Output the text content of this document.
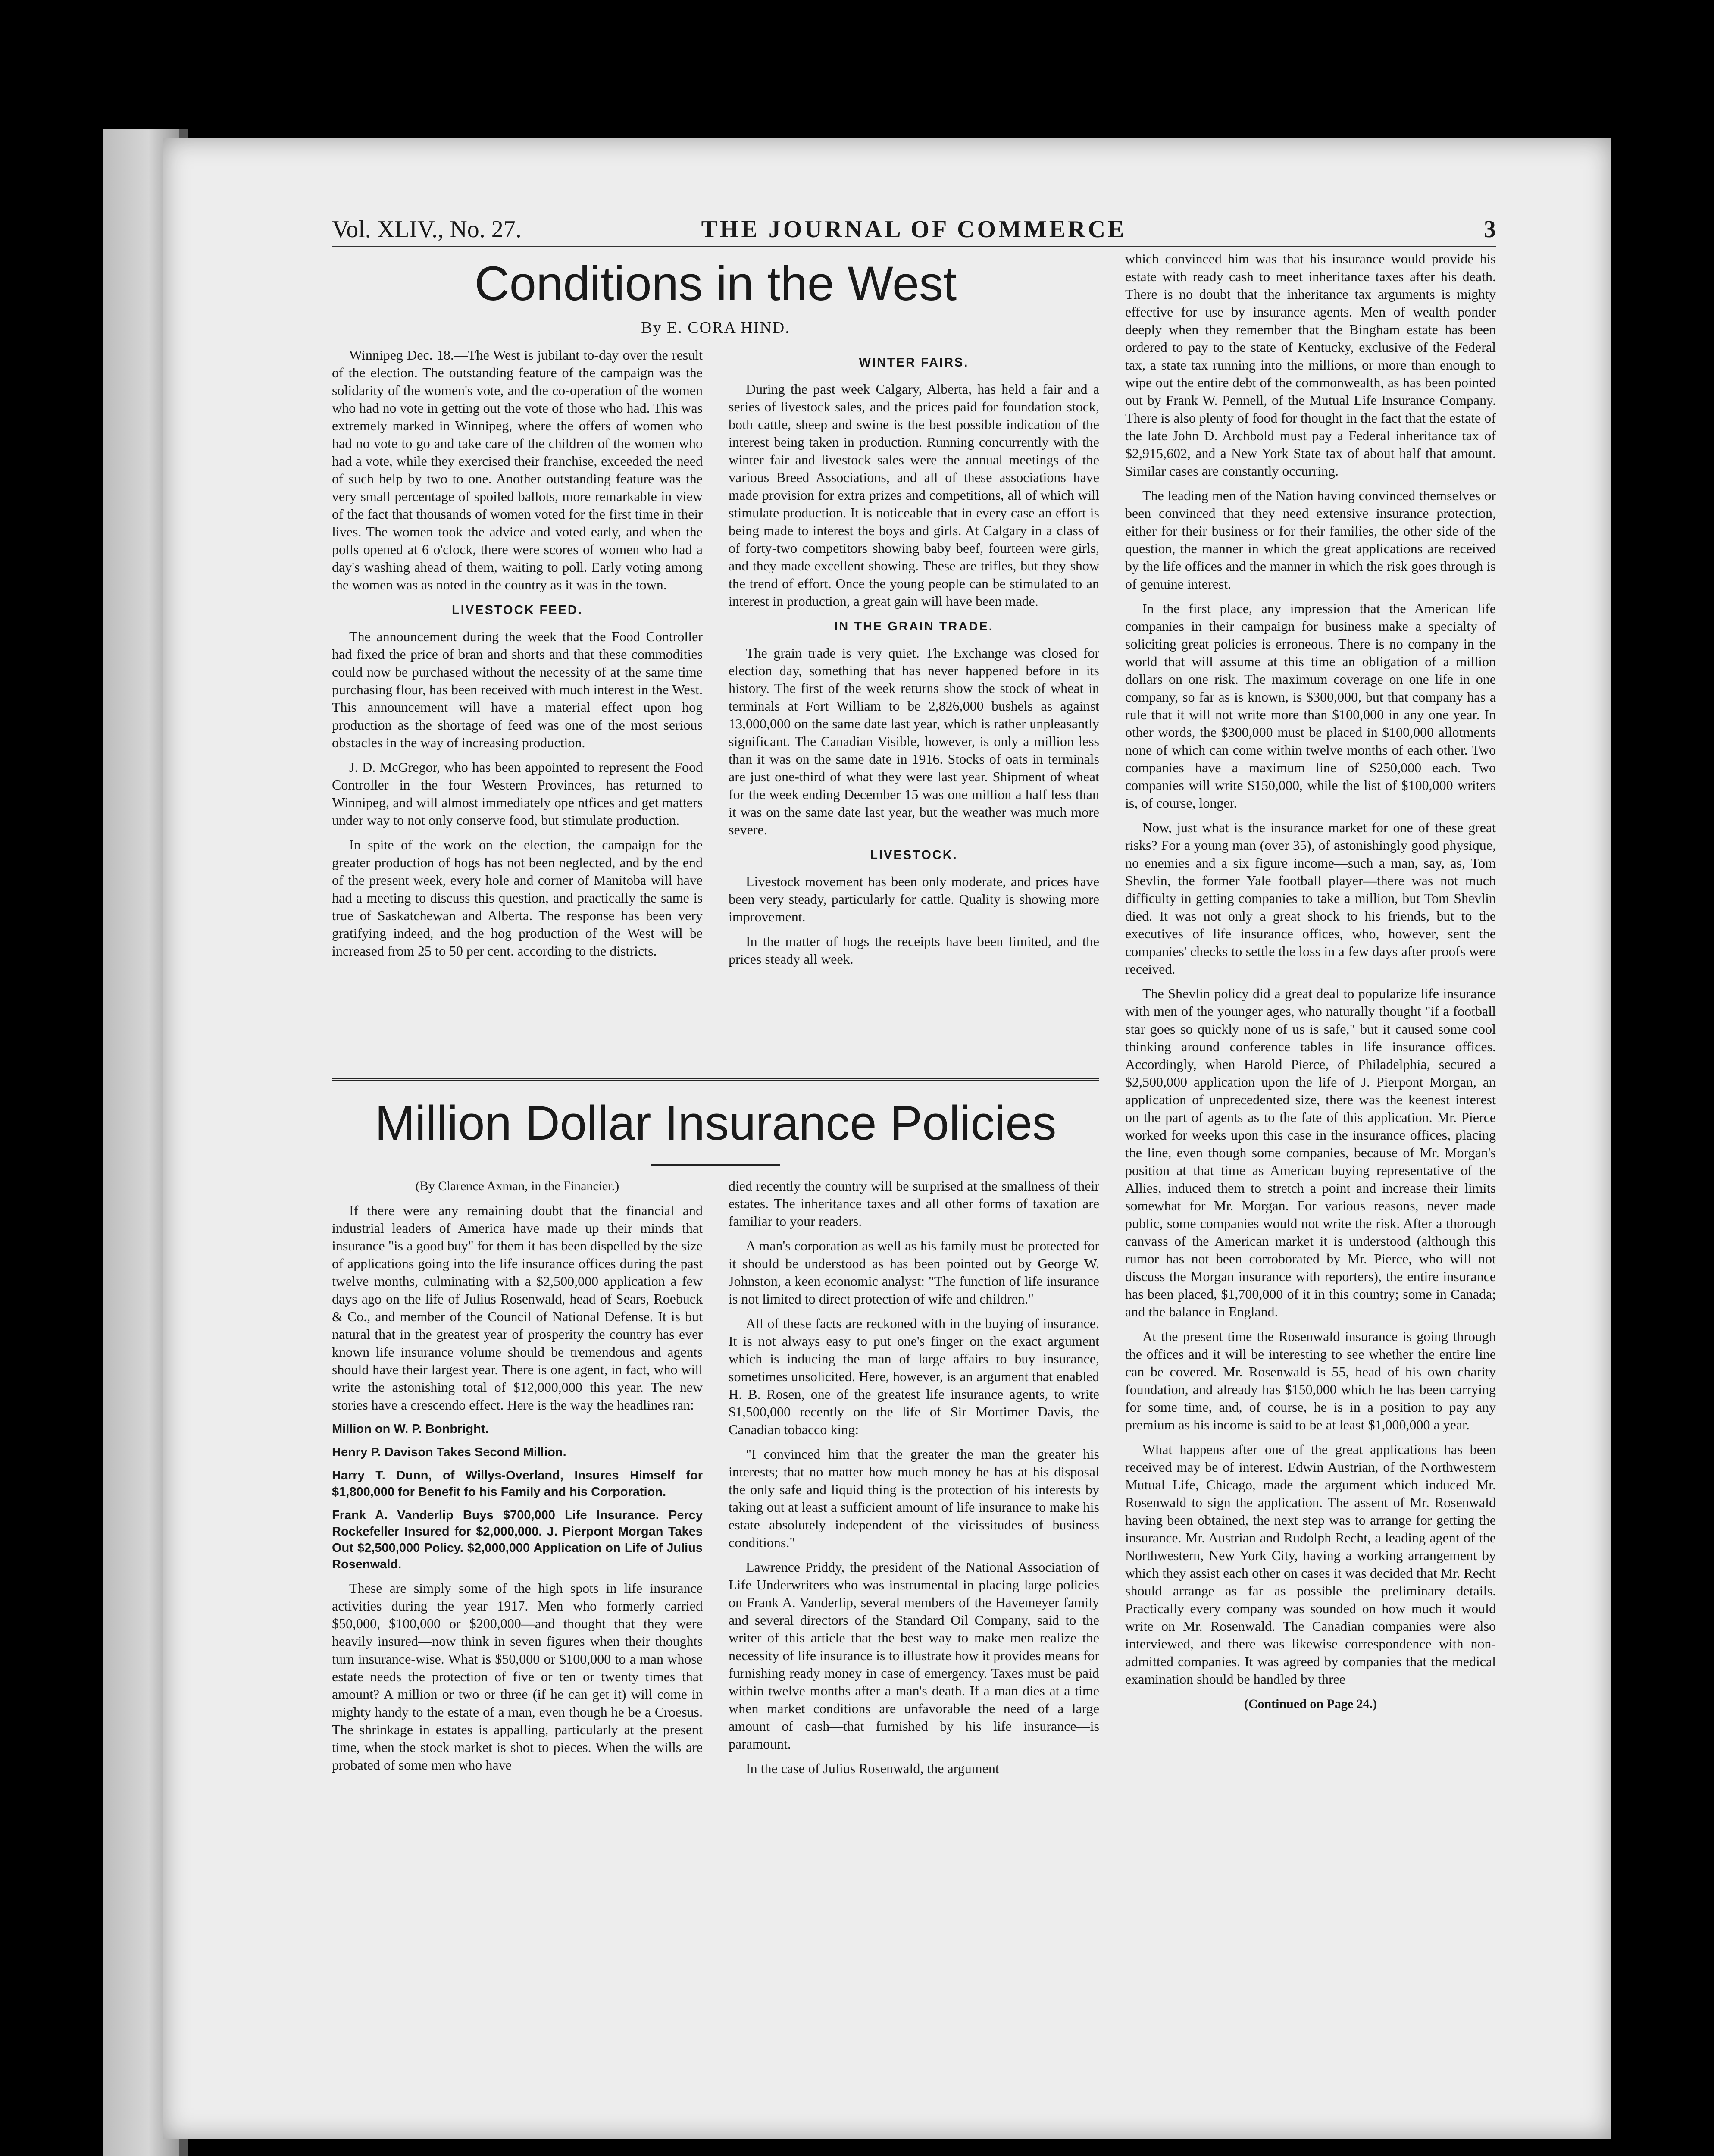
Vol. XLIV., No. 27.	THE JOURNAL OF COMMERCE	3
Conditions in the West
By E. CORA HIND.

Winnipeg Dec. 18.—The West is jubilant to-day over the result of the election. The outstanding feature of the campaign was the solidarity of the women's vote, and the co-operation of the women who had no vote in getting out the vote of those who had. This was extremely marked in Winnipeg, where the offers of women who had no vote to go and take care of the children of the women who had a vote, while they exercised their franchise, exceeded the need of such help by two to one. Another outstanding feature was the very small percentage of spoiled ballots, more remarkable in view of the fact that thousands of women voted for the first time in their lives. The women took the advice and voted early, and when the polls opened at 6 o'clock, there were scores of women who had a day's washing ahead of them, waiting to poll. Early voting among the women was as noted in the country as it was in the town.

LIVESTOCK FEED.

The announcement during the week that the Food Controller had fixed the price of bran and shorts and that these commodities could now be purchased without the necessity of at the same time purchasing flour, has been received with much interest in the West. This announcement will have a material effect upon hog production as the shortage of feed was one of the most serious obstacles in the way of increasing production.

J. D. McGregor, who has been appointed to represent the Food Controller in the four Western Provinces, has returned to Winnipeg, and will almost immediately ope ntfices and get matters under way to not only conserve food, but stimulate production.

In spite of the work on the election, the campaign for the greater production of hogs has not been neglected, and by the end of the present week, every hole and corner of Manitoba will have had a meeting to discuss this question, and practically the same is true of Saskatchewan and Alberta. The response has been very gratifying indeed, and the hog production of the West will be increased from 25 to 50 per cent. according to the districts.

WINTER FAIRS.

During the past week Calgary, Alberta, has held a fair and a series of livestock sales, and the prices paid for foundation stock, both cattle, sheep and swine is the best possible indication of the interest being taken in production. Running concurrently with the winter fair and livestock sales were the annual meetings of the various Breed Associations, and all of these associations have made provision for extra prizes and competitions, all of which will stimulate production. It is noticeable that in every case an effort is being made to interest the boys and girls. At Calgary in a class of of forty-two competitors showing baby beef, fourteen were girls, and they made excellent showing. These are trifles, but they show the trend of effort. Once the young people can be stimulated to an interest in production, a great gain will have been made.

IN THE GRAIN TRADE.

The grain trade is very quiet. The Exchange was closed for election day, something that has never happened before in its history. The first of the week returns show the stock of wheat in terminals at Fort William to be 2,826,000 bushels as against 13,000,000 on the same date last year, which is rather unpleasantly significant. The Canadian Visible, however, is only a million less than it was on the same date in 1916. Stocks of oats in terminals are just one-third of what they were last year. Shipment of wheat for the week ending December 15 was one million a half less than it was on the same date last year, but the weather was much more severe.

LIVESTOCK.

Livestock movement has been only moderate, and prices have been very steady, particularly for cattle. Quality is showing more improvement.

In the matter of hogs the receipts have been limited, and the prices steady all week.

which convinced him was that his insurance would provide his estate with ready cash to meet inheritance taxes after his death. There is no doubt that the inheritance tax arguments is mighty effective for use by insurance agents. Men of wealth ponder deeply when they remember that the Bingham estate has been ordered to pay to the state of Kentucky, exclusive of the Federal tax, a state tax running into the millions, or more than enough to wipe out the entire debt of the commonwealth, as has been pointed out by Frank W. Pennell, of the Mutual Life Insurance Company. There is also plenty of food for thought in the fact that the estate of the late John D. Archbold must pay a Federal inheritance tax of $2,915,602, and a New York State tax of about half that amount. Similar cases are constantly occurring.

The leading men of the Nation having convinced themselves or been convinced that they need extensive insurance protection, either for their business or for their families, the other side of the question, the manner in which the great applications are received by the life offices and the manner in which the risk goes through is of genuine interest.

In the first place, any impression that the American life companies in their campaign for business make a specialty of soliciting great policies is erroneous. There is no company in the world that will assume at this time an obligation of a million dollars on one risk. The maximum coverage on one life in one company, so far as is known, is $300,000, but that company has a rule that it will not write more than $100,000 in any one year. In other words, the $300,000 must be placed in $100,000 allotments none of which can come within twelve months of each other. Two companies have a maximum line of $250,000 each. Two companies will write $150,000, while the list of $100,000 writers is, of course, longer.

Now, just what is the insurance market for one of these great risks? For a young man (over 35), of astonishingly good physique, no enemies and a six figure income—such a man, say, as, Tom Shevlin, the former Yale football player—there was not much difficulty in getting companies to take a million, but Tom Shevlin died. It was not only a great shock to his friends, but to the executives of life insurance offices, who, however, sent the companies' checks to settle the loss in a few days after proofs were received.

The Shevlin policy did a great deal to popularize life insurance with men of the younger ages, who naturally thought "if a football star goes so quickly none of us is safe," but it caused some cool thinking around conference tables in life insurance offices. Accordingly, when Harold Pierce, of Philadelphia, secured a $2,500,000 application upon the life of J. Pierpont Morgan, an application of unprecedented size, there was the keenest interest on the part of agents as to the fate of this application. Mr. Pierce worked for weeks upon this case in the insurance offices, placing the line, even though some companies, because of Mr. Morgan's position at that time as American buying representative of the Allies, induced them to stretch a point and increase their limits somewhat for Mr. Morgan. For various reasons, never made public, some companies would not write the risk. After a thorough canvass of the American market it is understood (although this rumor has not been corroborated by Mr. Pierce, who will not discuss the Morgan insurance with reporters), the entire insurance has been placed, $1,700,000 of it in this country; some in Canada; and the balance in England.

At the present time the Rosenwald insurance is going through the offices and it will be interesting to see whether the entire line can be covered. Mr. Rosenwald is 55, head of his own charity foundation, and already has $150,000 which he has been carrying for some time, and, of course, he is in a position to pay any premium as his income is said to be at least $1,000,000 a year.

What happens after one of the great applications has been received may be of interest. Edwin Austrian, of the Northwestern Mutual Life, Chicago, made the argument which induced Mr. Rosenwald to sign the application. The assent of Mr. Rosenwald having been obtained, the next step was to arrange for getting the insurance. Mr. Austrian and Rudolph Recht, a leading agent of the Northwestern, New York City, having a working arrangement by which they assist each other on cases it was decided that Mr. Recht should arrange as far as possible the preliminary details. Practically every company was sounded on how much it would write on Mr. Rosenwald. The Canadian companies were also interviewed, and there was likewise correspondence with non-admitted companies. It was agreed by companies that the medical examination should be handled by three

(Continued on Page 24.)

Million Dollar Insurance Policies

(By Clarence Axman, in the Financier.)

If there were any remaining doubt that the financial and industrial leaders of America have made up their minds that insurance "is a good buy" for them it has been dispelled by the size of applications going into the life insurance offices during the past twelve months, culminating with a $2,500,000 application a few days ago on the life of Julius Rosenwald, head of Sears, Roebuck & Co., and member of the Council of National Defense. It is but natural that in the greatest year of prosperity the country has ever known life insurance volume should be tremendous and agents should have their largest year. There is one agent, in fact, who will write the astonishing total of $12,000,000 this year. The new stories have a crescendo effect. Here is the way the headlines ran:

Million on W. P. Bonbright.

Henry P. Davison Takes Second Million.

Harry T. Dunn, of Willys-Overland, Insures Himself for $1,800,000 for Benefit fo his Family and his Corporation.

Frank A. Vanderlip Buys $700,000 Life Insurance. Percy Rockefeller Insured for $2,000,000. J. Pierpont Morgan Takes Out $2,500,000 Policy. $2,000,000 Application on Life of Julius Rosenwald.

These are simply some of the high spots in life insurance activities during the year 1917. Men who formerly carried $50,000, $100,000 or $200,000—and thought that they were heavily insured—now think in seven figures when their thoughts turn insurance-wise. What is $50,000 or $100,000 to a man whose estate needs the protection of five or ten or twenty times that amount? A million or two or three (if he can get it) will come in mighty handy to the estate of a man, even though he be a Croesus. The shrinkage in estates is appalling, particularly at the present time, when the stock market is shot to pieces. When the wills are probated of some men who have

died recently the country will be surprised at the smallness of their estates. The inheritance taxes and all other forms of taxation are familiar to your readers.

A man's corporation as well as his family must be protected for it should be understood as has been pointed out by George W. Johnston, a keen economic analyst: "The function of life insurance is not limited to direct protection of wife and children."

All of these facts are reckoned with in the buying of insurance. It is not always easy to put one's finger on the exact argument which is inducing the man of large affairs to buy insurance, sometimes unsolicited. Here, however, is an argument that enabled H. B. Rosen, one of the greatest life insurance agents, to write $1,500,000 recently on the life of Sir Mortimer Davis, the Canadian tobacco king:

"I convinced him that the greater the man the greater his interests; that no matter how much money he has at his disposal the only safe and liquid thing is the protection of his interests by taking out at least a sufficient amount of life insurance to make his estate absolutely independent of the vicissitudes of business conditions."

Lawrence Priddy, the president of the National Association of Life Underwriters who was instrumental in placing large policies on Frank A. Vanderlip, several members of the Havemeyer family and several directors of the Standard Oil Company, said to the writer of this article that the best way to make men realize the necessity of life insurance is to illustrate how it provides means for furnishing ready money in case of emergency. Taxes must be paid within twelve months after a man's death. If a man dies at a time when market conditions are unfavorable the need of a large amount of cash—that furnished by his life insurance—is paramount.

In the case of Julius Rosenwald, the argument
